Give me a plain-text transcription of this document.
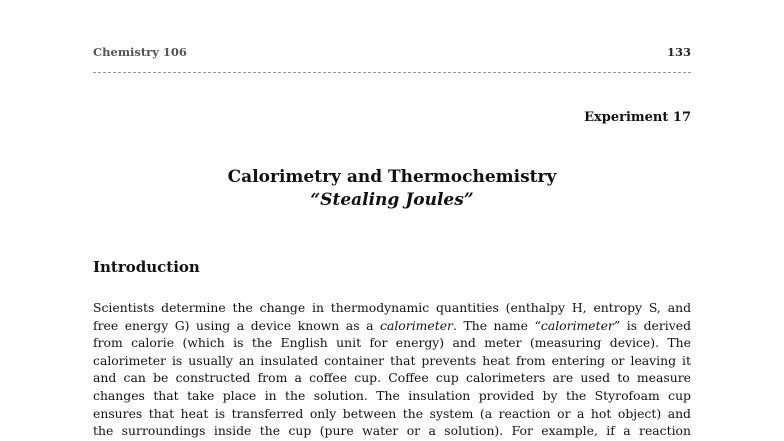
Chemistry 106	133
Experiment 17
Calorimetry and Thermochemistry
“Stealing Joules”
Introduction
Scientists determine the change in thermodynamic quantities (enthalpy H, entropy S, and
free energy G) using a device known as a calorimeter. The name “calorimeter” is derived
from calorie (which is the English unit for energy) and meter (measuring device). The
calorimeter is usually an insulated container that prevents heat from entering or leaving it
and can be constructed from a coffee cup. Coffee cup calorimeters are used to measure
changes that take place in the solution. The insulation provided by the Styrofoam cup
ensures that heat is transferred only between the system (a reaction or a hot object) and
the surroundings inside the cup (pure water or a solution). For example, if a reaction
